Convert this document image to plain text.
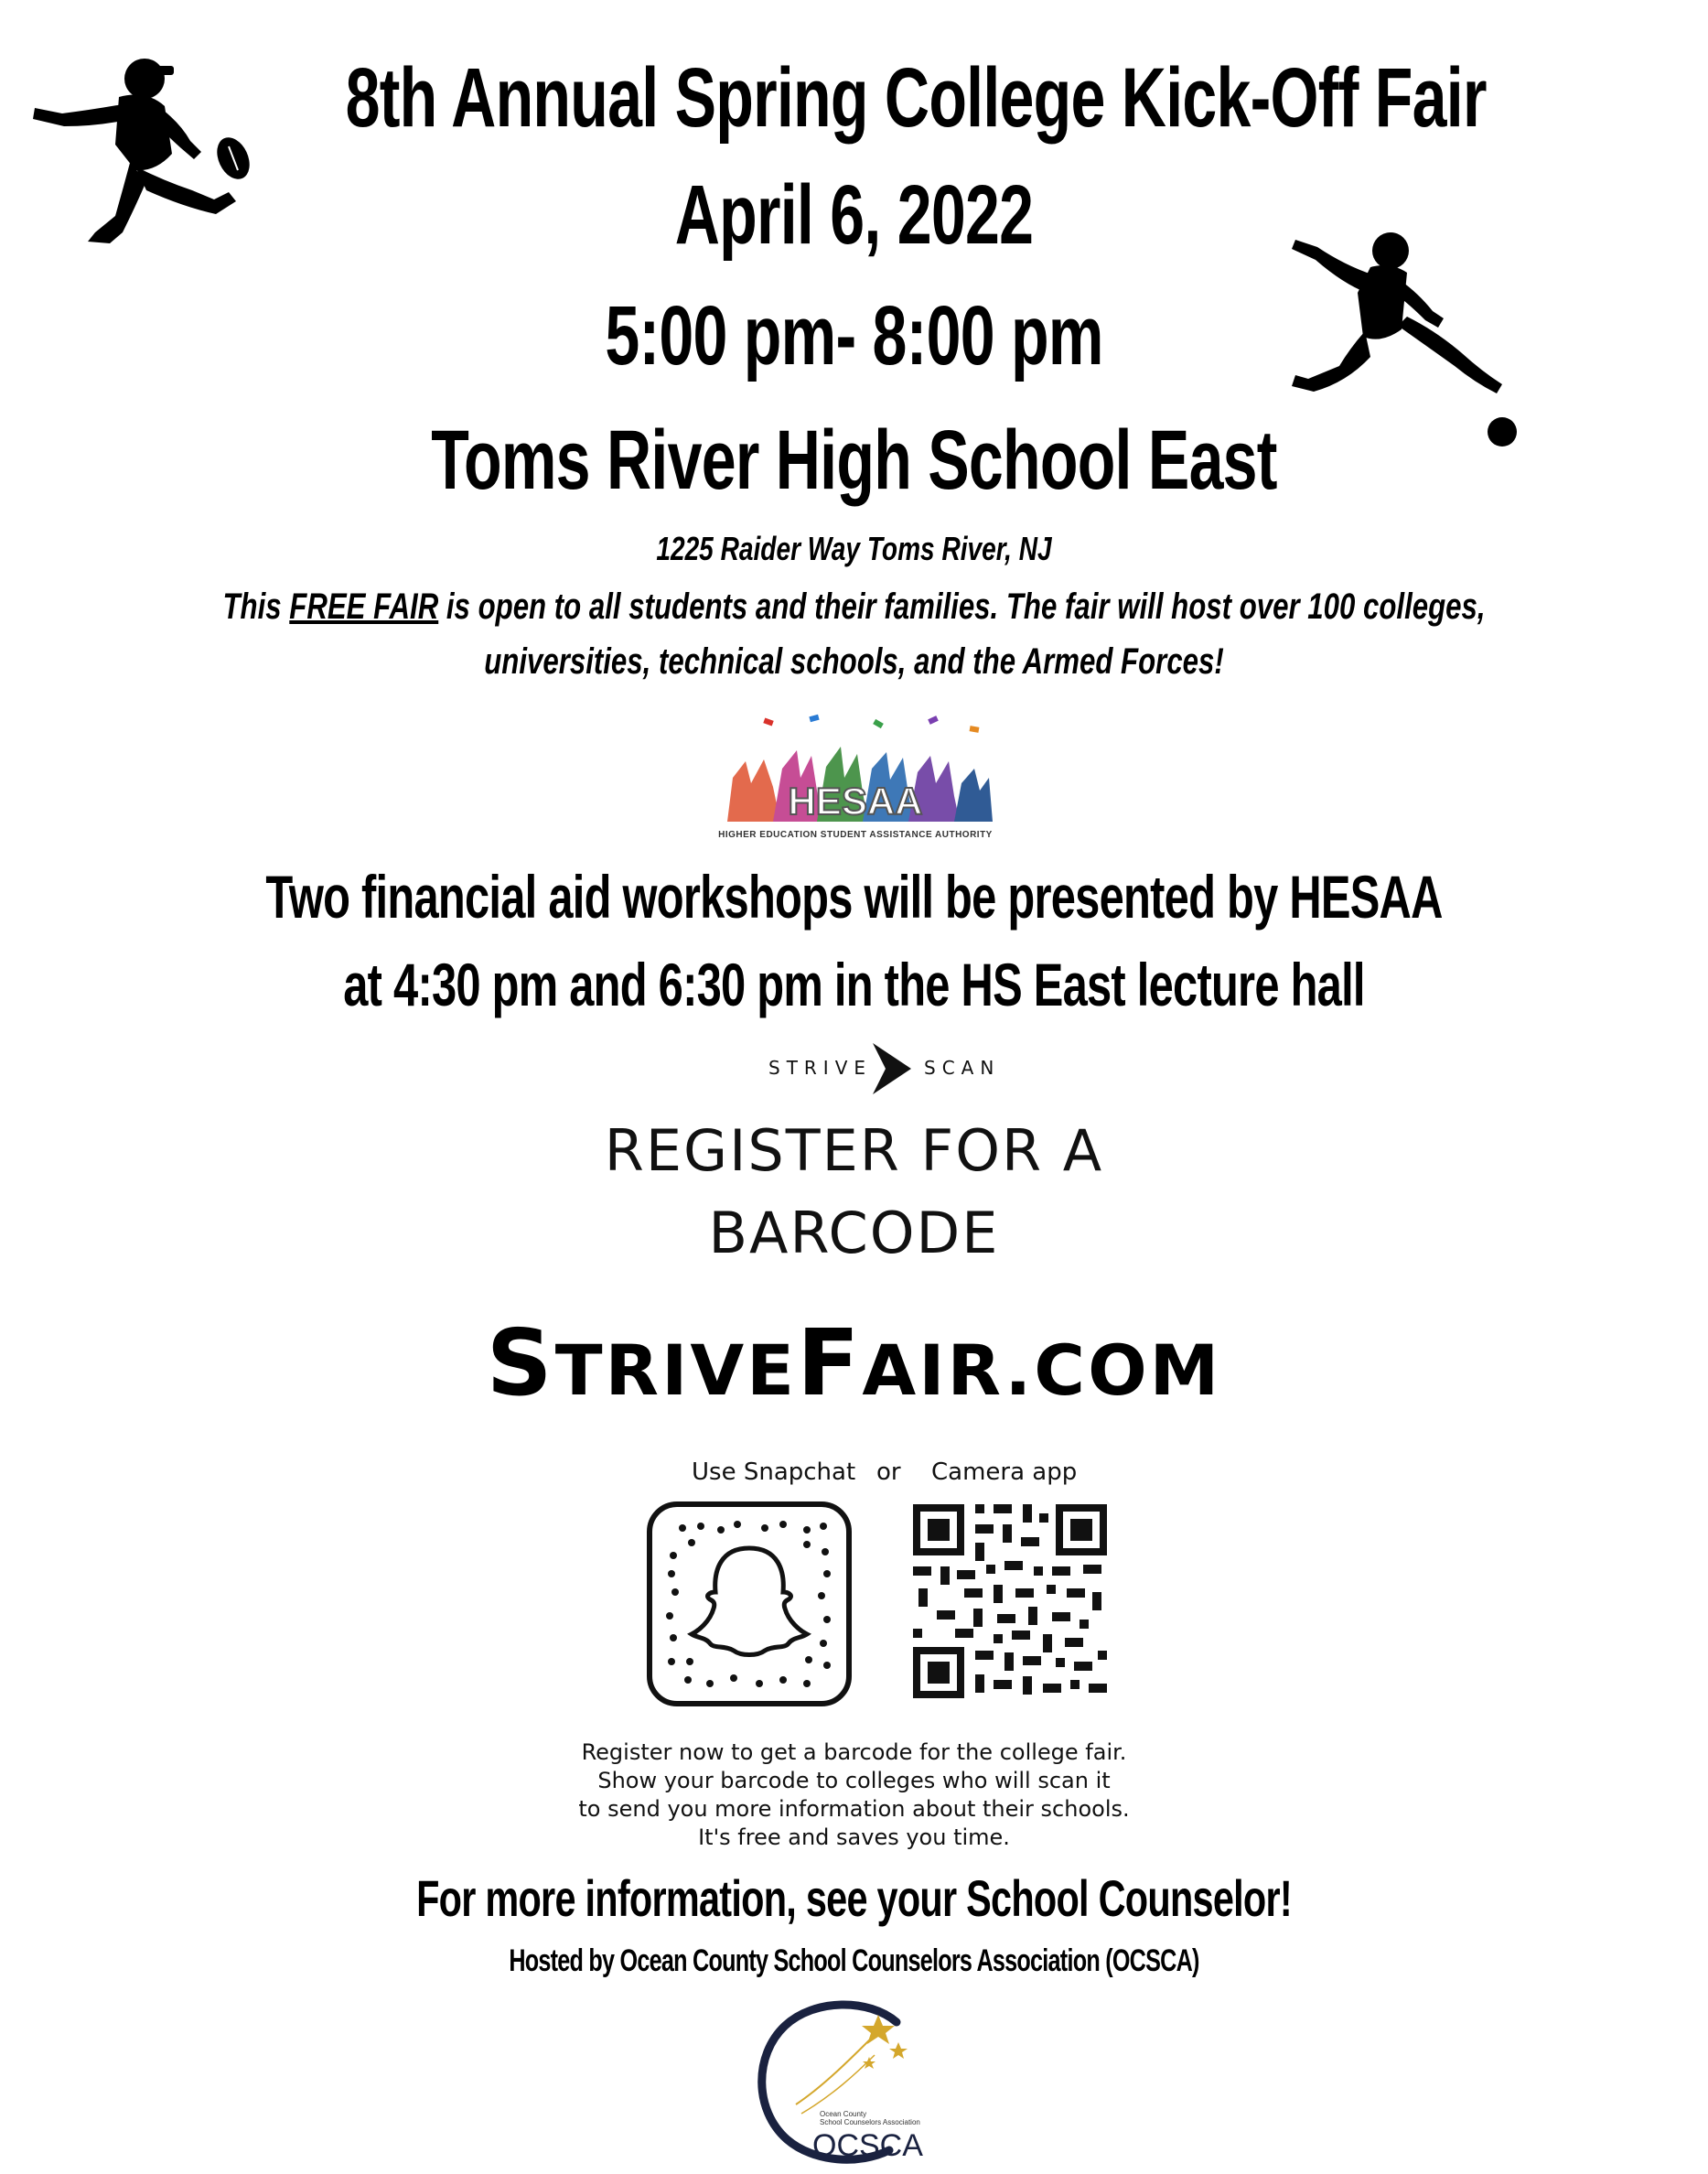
8th Annual Spring College Kick-Off Fair
April 6, 2022
5:00 pm- 8:00 pm
Toms River High School East
1225 Raider Way Toms River, NJ
This FREE FAIR is open to all students and their families. The fair will host over 100 colleges,
universities, technical schools, and the Armed Forces!
HESAA
HIGHER EDUCATION STUDENT ASSISTANCE AUTHORITY
Two financial aid workshops will be presented by HESAA
at 4:30 pm and 6:30 pm in the HS East lecture hall
STRIVE	SCAN
REGISTER FOR A
BARCODE
STRIVEFAIR.COM
Use Snapchat or Camera app
Register now to get a barcode for the college fair.
Show your barcode to colleges who will scan it
to send you more information about their schools.
It's free and saves you time.
For more information, see your School Counselor!
Hosted by Ocean County School Counselors Association (OCSCA)
Ocean County
School Counselors Association
OCSCA
